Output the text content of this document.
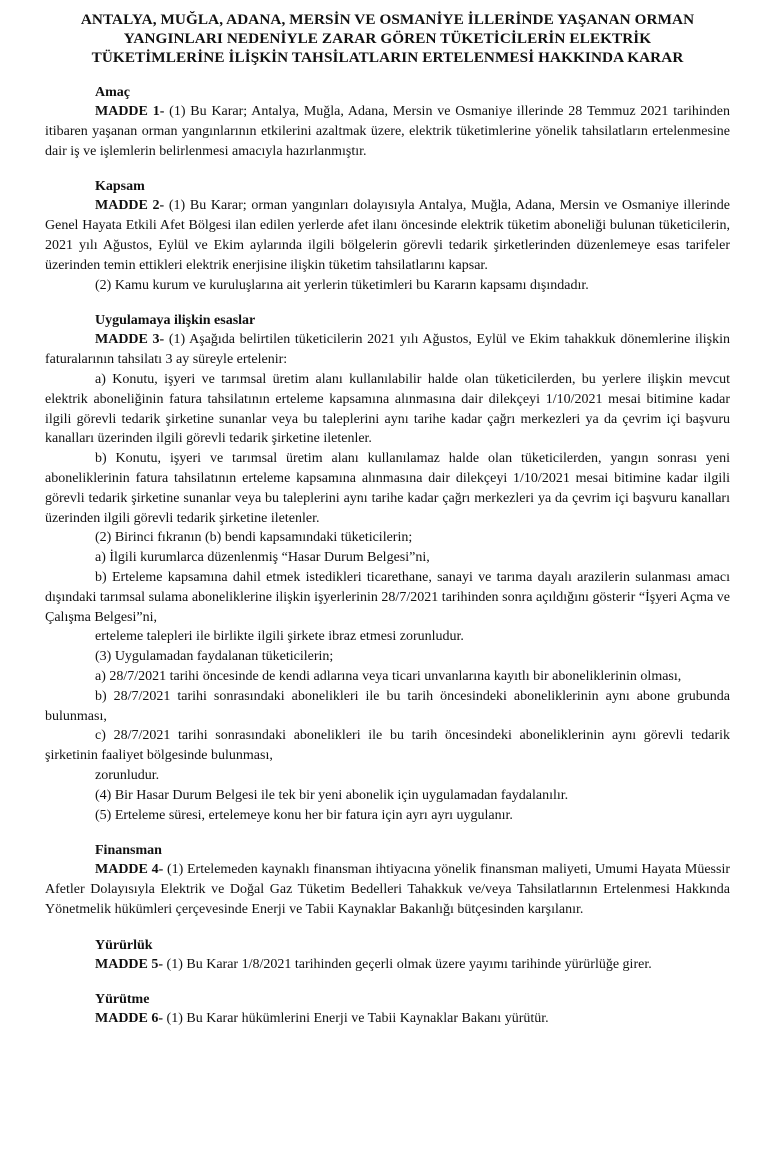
ANTALYA, MUĞLA, ADANA, MERSİN VE OSMANİYE İLLERİNDE YAŞANAN ORMAN
YANGINLARI NEDENİYLE ZARAR GÖREN TÜKETİCİLERİN ELEKTRİK
TÜKETİMLERİNE İLİŞKİN TAHSİLATLARIN ERTELENMESİ HAKKINDA KARAR
Amaç

MADDE 1- (1) Bu Karar; Antalya, Muğla, Adana, Mersin ve Osmaniye illerinde 28 Temmuz 2021 tarihinden itibaren yaşanan orman yangınlarının etkilerini azaltmak üzere, elektrik tüketimlerine yönelik tahsilatların ertelenmesine dair iş ve işlemlerin belirlenmesi amacıyla hazırlanmıştır.

Kapsam

MADDE 2- (1) Bu Karar; orman yangınları dolayısıyla Antalya, Muğla, Adana, Mersin ve Osmaniye illerinde Genel Hayata Etkili Afet Bölgesi ilan edilen yerlerde afet ilanı öncesinde elektrik tüketim aboneliği bulunan tüketicilerin, 2021 yılı Ağustos, Eylül ve Ekim aylarında ilgili bölgelerin görevli tedarik şirketlerinden düzenlemeye esas tarifeler üzerinden temin ettikleri elektrik enerjisine ilişkin tüketim tahsilatlarını kapsar.

(2) Kamu kurum ve kuruluşlarına ait yerlerin tüketimleri bu Kararın kapsamı dışındadır.

Uygulamaya ilişkin esaslar

MADDE 3- (1) Aşağıda belirtilen tüketicilerin 2021 yılı Ağustos, Eylül ve Ekim tahakkuk dönemlerine ilişkin faturalarının tahsilatı 3 ay süreyle ertelenir:

a) Konutu, işyeri ve tarımsal üretim alanı kullanılabilir halde olan tüketicilerden, bu yerlere ilişkin mevcut elektrik aboneliğinin fatura tahsilatının erteleme kapsamına alınmasına dair dilekçeyi 1/10/2021 mesai bitimine kadar ilgili görevli tedarik şirketine sunanlar veya bu taleplerini aynı tarihe kadar çağrı merkezleri ya da çevrim içi başvuru kanalları üzerinden ilgili görevli tedarik şirketine iletenler.

b) Konutu, işyeri ve tarımsal üretim alanı kullanılamaz halde olan tüketicilerden, yangın sonrası yeni aboneliklerinin fatura tahsilatının erteleme kapsamına alınmasına dair dilekçeyi 1/10/2021 mesai bitimine kadar ilgili görevli tedarik şirketine sunanlar veya bu taleplerini aynı tarihe kadar çağrı merkezleri ya da çevrim içi başvuru kanalları üzerinden ilgili görevli tedarik şirketine iletenler.

(2) Birinci fıkranın (b) bendi kapsamındaki tüketicilerin;

a) İlgili kurumlarca düzenlenmiş “Hasar Durum Belgesi”ni,

b) Erteleme kapsamına dahil etmek istedikleri ticarethane, sanayi ve tarıma dayalı arazilerin sulanması amacı dışındaki tarımsal sulama aboneliklerine ilişkin işyerlerinin 28/7/2021 tarihinden sonra açıldığını gösterir “İşyeri Açma ve Çalışma Belgesi”ni,

erteleme talepleri ile birlikte ilgili şirkete ibraz etmesi zorunludur.

(3) Uygulamadan faydalanan tüketicilerin;

a) 28/7/2021 tarihi öncesinde de kendi adlarına veya ticari unvanlarına kayıtlı bir aboneliklerinin olması,

b) 28/7/2021 tarihi sonrasındaki abonelikleri ile bu tarih öncesindeki aboneliklerinin aynı abone grubunda bulunması,

c) 28/7/2021 tarihi sonrasındaki abonelikleri ile bu tarih öncesindeki aboneliklerinin aynı görevli tedarik şirketinin faaliyet bölgesinde bulunması,

zorunludur.

(4) Bir Hasar Durum Belgesi ile tek bir yeni abonelik için uygulamadan faydalanılır.

(5) Erteleme süresi, ertelemeye konu her bir fatura için ayrı ayrı uygulanır.

Finansman

MADDE 4- (1) Ertelemeden kaynaklı finansman ihtiyacına yönelik finansman maliyeti, Umumi Hayata Müessir Afetler Dolayısıyla Elektrik ve Doğal Gaz Tüketim Bedelleri Tahakkuk ve/veya Tahsilatlarının Ertelenmesi Hakkında Yönetmelik hükümleri çerçevesinde Enerji ve Tabii Kaynaklar Bakanlığı bütçesinden karşılanır.

Yürürlük

MADDE 5- (1) Bu Karar 1/8/2021 tarihinden geçerli olmak üzere yayımı tarihinde yürürlüğe girer.

Yürütme

MADDE 6- (1) Bu Karar hükümlerini Enerji ve Tabii Kaynaklar Bakanı yürütür.
